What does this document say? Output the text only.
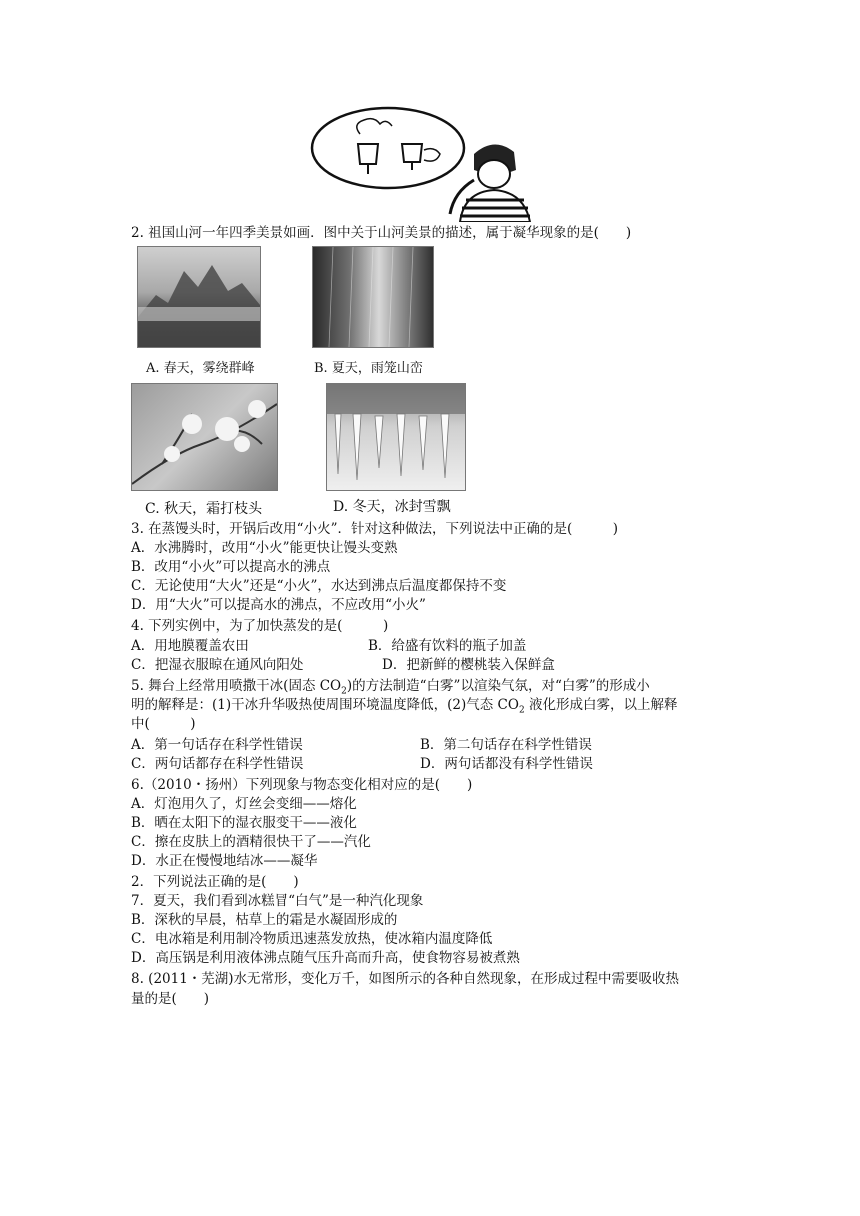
2. 祖国山河一年四季美景如画．图中关于山河美景的描述，属于凝华现象的是(　　)
A. 春天，雾绕群峰	B. 夏天，雨笼山峦
C. 秋天，霜打枝头	D. 冬天，冰封雪飘
3. 在蒸馒头时，开锅后改用“小火”．针对这种做法，下列说法中正确的是(　　　)
A．水沸腾时，改用“小火”能更快让馒头变熟
B．改用“小火”可以提高水的沸点
C．无论使用“大火”还是“小火”，水达到沸点后温度都保持不变
D．用“大火”可以提高水的沸点，不应改用“小火”
4. 下列实例中，为了加快蒸发的是(　　　)
A．用地膜覆盖农田	B．给盛有饮料的瓶子加盖
C．把湿衣服晾在通风向阳处	D．把新鲜的樱桃装入保鲜盒
5. 舞台上经常用喷撒干冰(固态 $CO_2$)的方法制造“白雾”以渲染气氛，对“白雾”的形成小
明的解释是：(1)干冰升华吸热使周围环境温度降低，(2)气态 $CO_2$ 液化形成白雾，以上解释
中(　　　)
A．第一句话存在科学性错误	B．第二句话存在科学性错误
C．两句话都存在科学性错误	D．两句话都没有科学性错误
6.（2010・扬州）下列现象与物态变化相对应的是(　　)
A．灯泡用久了，灯丝会变细——熔化
B．晒在太阳下的湿衣服变干——液化
C．擦在皮肤上的酒精很快干了——汽化
D．水正在慢慢地结冰——凝华
2．下列说法正确的是(　　)
7．夏天，我们看到冰糕冒“白气”是一种汽化现象
B．深秋的早晨，枯草上的霜是水凝固形成的
C．电冰箱是利用制冷物质迅速蒸发放热，使冰箱内温度降低
D．高压锅是利用液体沸点随气压升高而升高，使食物容易被煮熟
8. (2011・芜湖)水无常形，变化万千，如图所示的各种自然现象，在形成过程中需要吸收热
量的是(　　)
